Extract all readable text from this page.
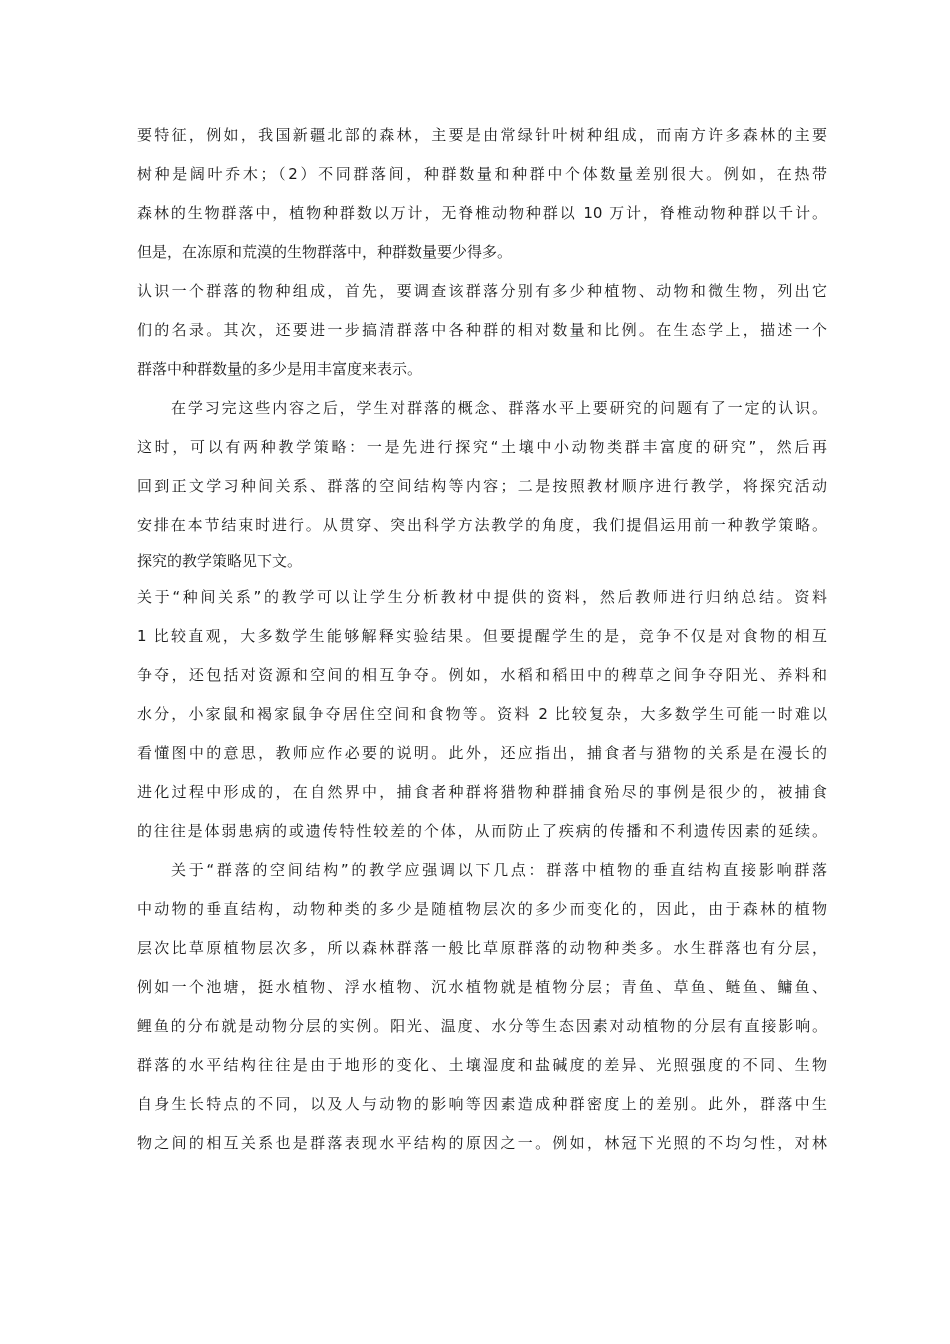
要特征，例如，我国新疆北部的森林，主要是由常绿针叶树种组成，而南方许多森林的主要
树种是阔叶乔木；（2）不同群落间，种群数量和种群中个体数量差别很大。例如，在热带
森林的生物群落中，植物种群数以万计，无脊椎动物种群以 10 万计，脊椎动物种群以千计。
但是，在冻原和荒漠的生物群落中，种群数量要少得多。
认识一个群落的物种组成，首先，要调查该群落分别有多少种植物、动物和微生物，列出它
们的名录。其次，还要进一步搞清群落中各种群的相对数量和比例。在生态学上，描述一个
群落中种群数量的多少是用丰富度来表示。
在学习完这些内容之后，学生对群落的概念、群落水平上要研究的问题有了一定的认识。
这时，可以有两种教学策略：一是先进行探究“土壤中小动物类群丰富度的研究”，然后再
回到正文学习种间关系、群落的空间结构等内容；二是按照教材顺序进行教学，将探究活动
安排在本节结束时进行。从贯穿、突出科学方法教学的角度，我们提倡运用前一种教学策略。
探究的教学策略见下文。
关于“种间关系”的教学可以让学生分析教材中提供的资料，然后教师进行归纳总结。资料
1 比较直观，大多数学生能够解释实验结果。但要提醒学生的是，竞争不仅是对食物的相互
争夺，还包括对资源和空间的相互争夺。例如，水稻和稻田中的稗草之间争夺阳光、养料和
水分，小家鼠和褐家鼠争夺居住空间和食物等。资料 2 比较复杂，大多数学生可能一时难以
看懂图中的意思，教师应作必要的说明。此外，还应指出，捕食者与猎物的关系是在漫长的
进化过程中形成的，在自然界中，捕食者种群将猎物种群捕食殆尽的事例是很少的，被捕食
的往往是体弱患病的或遗传特性较差的个体，从而防止了疾病的传播和不利遗传因素的延续。
关于“群落的空间结构”的教学应强调以下几点：群落中植物的垂直结构直接影响群落
中动物的垂直结构，动物种类的多少是随植物层次的多少而变化的，因此，由于森林的植物
层次比草原植物层次多，所以森林群落一般比草原群落的动物种类多。水生群落也有分层，
例如一个池塘，挺水植物、浮水植物、沉水植物就是植物分层；青鱼、草鱼、鲢鱼、鳙鱼、
鲤鱼的分布就是动物分层的实例。阳光、温度、水分等生态因素对动植物的分层有直接影响。
群落的水平结构往往是由于地形的变化、土壤湿度和盐碱度的差异、光照强度的不同、生物
自身生长特点的不同，以及人与动物的影响等因素造成种群密度上的差别。此外，群落中生
物之间的相互关系也是群落表现水平结构的原因之一。例如，林冠下光照的不均匀性，对林
